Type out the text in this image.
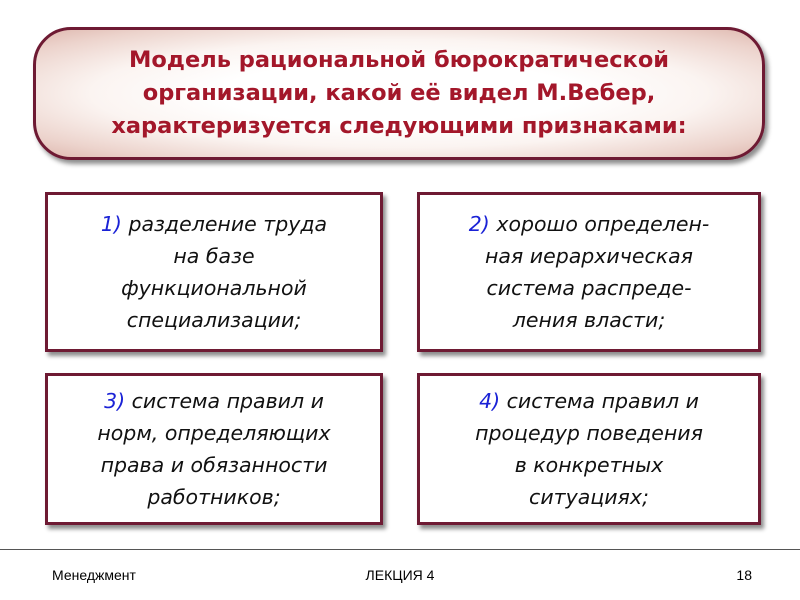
Модель рациональной бюрократической
организации, какой её видел М.Вебер,
характеризуется следующими признаками:
1) разделение труда
на базе
функциональной
специализации;
2) хорошо определен-
ная иерархическая
система распреде-
ления власти;
3) система правил и
норм, определяющих
права и обязанности
работников;
4) система правил и
процедур поведения
в конкретных
ситуациях;
Менеджмент	ЛЕКЦИЯ 4	18
